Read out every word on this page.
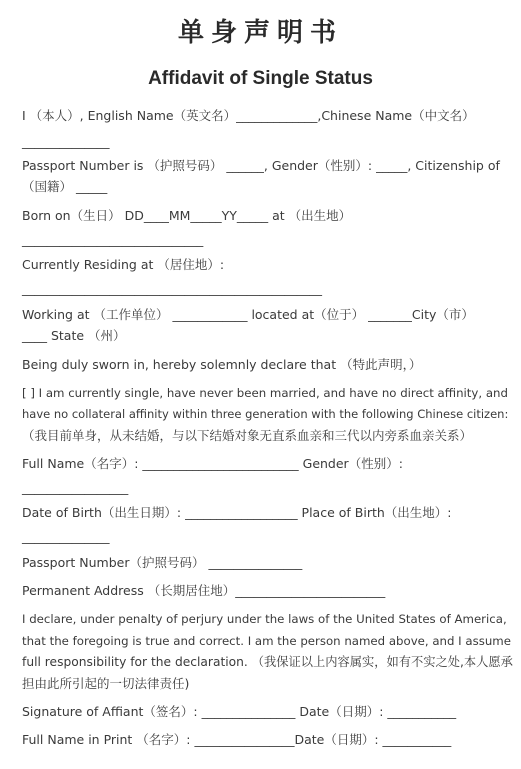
单身声明书
Affidavit of Single Status
I （本人）, English Name（英文名）_____________,Chinese Name（中文名）
______________
Passport Number is （护照号码） ______, Gender（性别）: _____, Citizenship of
（国籍） _____
Born on（生日） DD____MM_____YY_____ at （出生地）
_____________________________
Currently Residing at （居住地）:
________________________________________________
Working at （工作单位） ____________ located at（位于） _______City（市）
____ State （州）
Being duly sworn in, hereby solemnly declare that （特此声明，）
[ ] I am currently single, have never been married, and have no direct affinity, and
have no collateral affinity within three generation with the following Chinese citizen:
（我目前单身，从未结婚，与以下结婚对象无直系血亲和三代以内旁系血亲关系）
Full Name（名字）: _________________________ Gender（性别）:
_________________
Date of Birth（出生日期）: __________________ Place of Birth（出生地）:
______________
Passport Number（护照号码） _______________
Permanent Address （长期居住地）________________________
I declare, under penalty of perjury under the laws of the United States of America,
that the foregoing is true and correct. I am the person named above, and I assume
full responsibility for the declaration. （我保证以上内容属实，如有不实之处,本人愿承
担由此所引起的一切法律责任)
Signature of Affiant（签名）: _______________ Date（日期）: ___________
Full Name in Print （名字）: ________________Date（日期）: ___________
